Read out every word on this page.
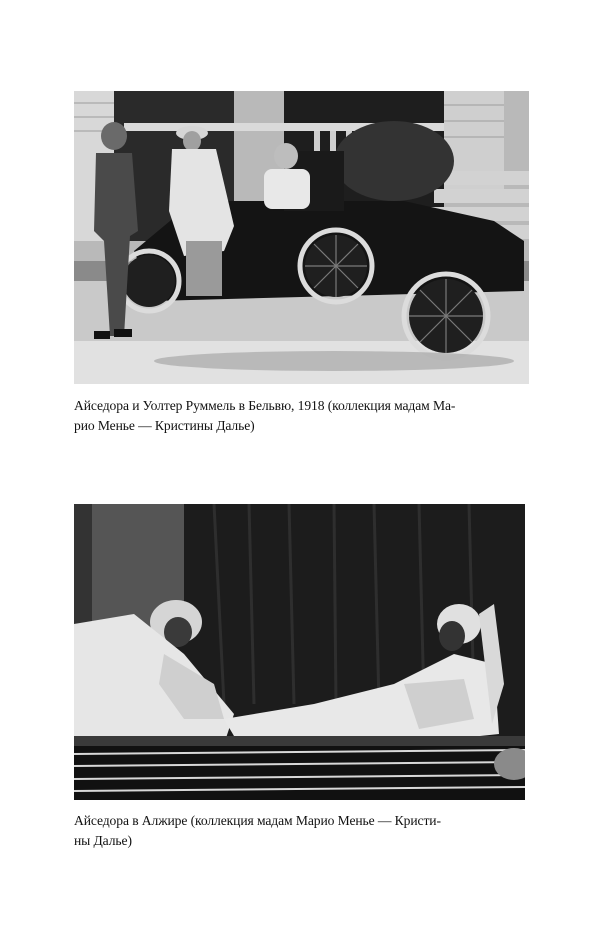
Айседора и Уолтер Руммель в Бельвю, 1918 (коллекция мадам Ма-
рио Менье — Кристины Далье)

Айседора в Алжире (коллекция мадам Марио Менье — Кристи-
ны Далье)
